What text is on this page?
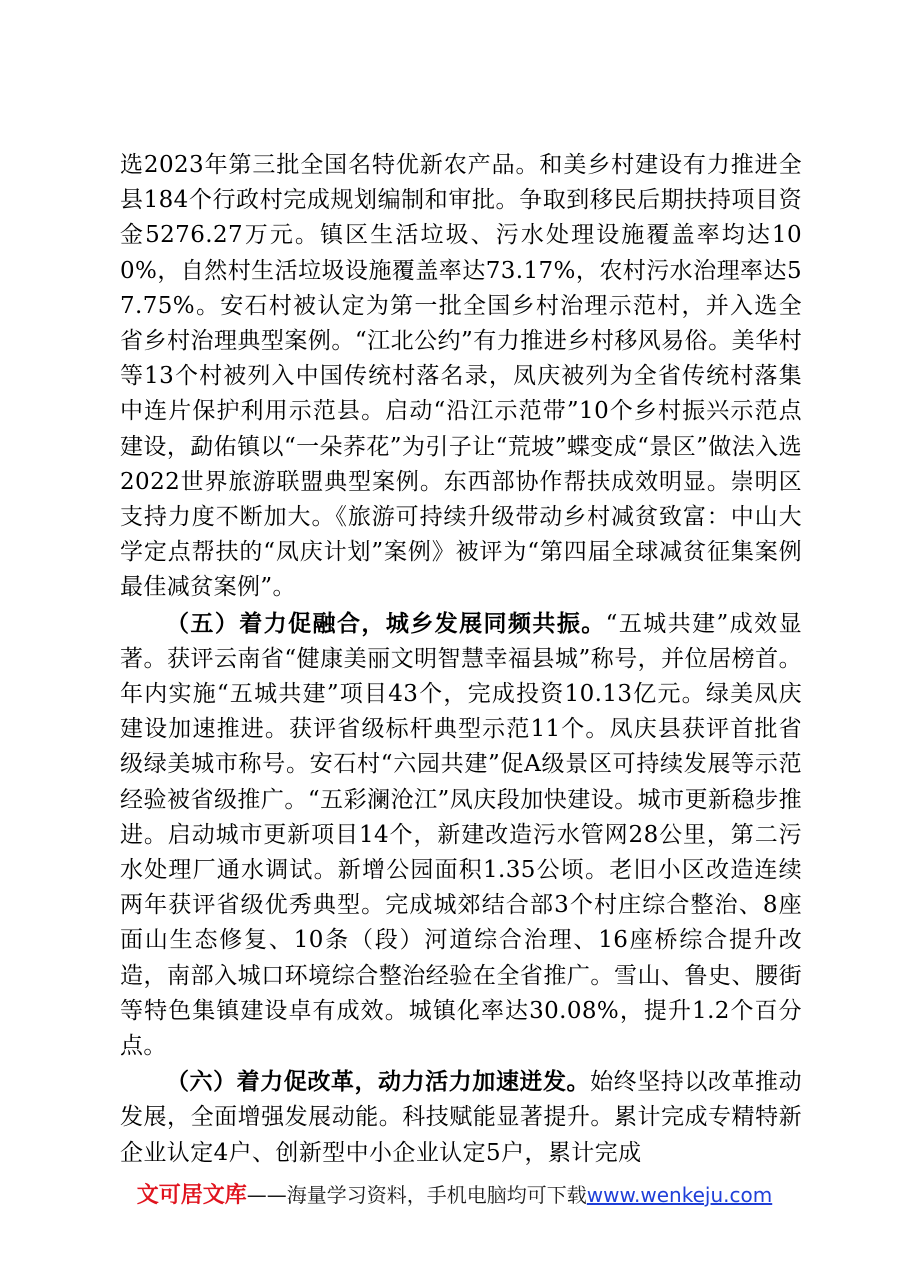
选2023年第三批全国名特优新农产品。和美乡村建设有力推进全县184个行政村完成规划编制和审批。争取到移民后期扶持项目资金5276.27万元。镇区生活垃圾、污水处理设施覆盖率均达100%，自然村生活垃圾设施覆盖率达73.17%，农村污水治理率达57.75%。安石村被认定为第一批全国乡村治理示范村，并入选全省乡村治理典型案例。“江北公约”有力推进乡村移风易俗。美华村等13个村被列入中国传统村落名录，凤庆被列为全省传统村落集中连片保护利用示范县。启动“沿江示范带”10个乡村振兴示范点建设，勐佑镇以“一朵荞花”为引子让“荒坡”蝶变成“景区”做法入选2022世界旅游联盟典型案例。东西部协作帮扶成效明显。崇明区支持力度不断加大。《旅游可持续升级带动乡村减贫致富：中山大学定点帮扶的“凤庆计划”案例》被评为“第四届全球减贫征集案例最佳减贫案例”。

（五）着力促融合，城乡发展同频共振。“五城共建”成效显著。获评云南省“健康美丽文明智慧幸福县城”称号，并位居榜首。年内实施“五城共建”项目43个，完成投资10.13亿元。绿美凤庆建设加速推进。获评省级标杆典型示范11个。凤庆县获评首批省级绿美城市称号。安石村“六园共建”促A级景区可持续发展等示范经验被省级推广。“五彩澜沧江”凤庆段加快建设。城市更新稳步推进。启动城市更新项目14个，新建改造污水管网28公里，第二污水处理厂通水调试。新增公园面积1.35公顷。老旧小区改造连续两年获评省级优秀典型。完成城郊结合部3个村庄综合整治、8座面山生态修复、10条（段）河道综合治理、16座桥综合提升改造，南部入城口环境综合整治经验在全省推广。雪山、鲁史、腰街等特色集镇建设卓有成效。城镇化率达30.08%，提升1.2个百分点。

（六）着力促改革，动力活力加速迸发。始终坚持以改革推动发展，全面增强发展动能。科技赋能显著提升。累计完成专精特新企业认定4户、创新型中小企业认定5户，累计完成

文可居文库——海量学习资料，手机电脑均可下载www.wenkeju.com
